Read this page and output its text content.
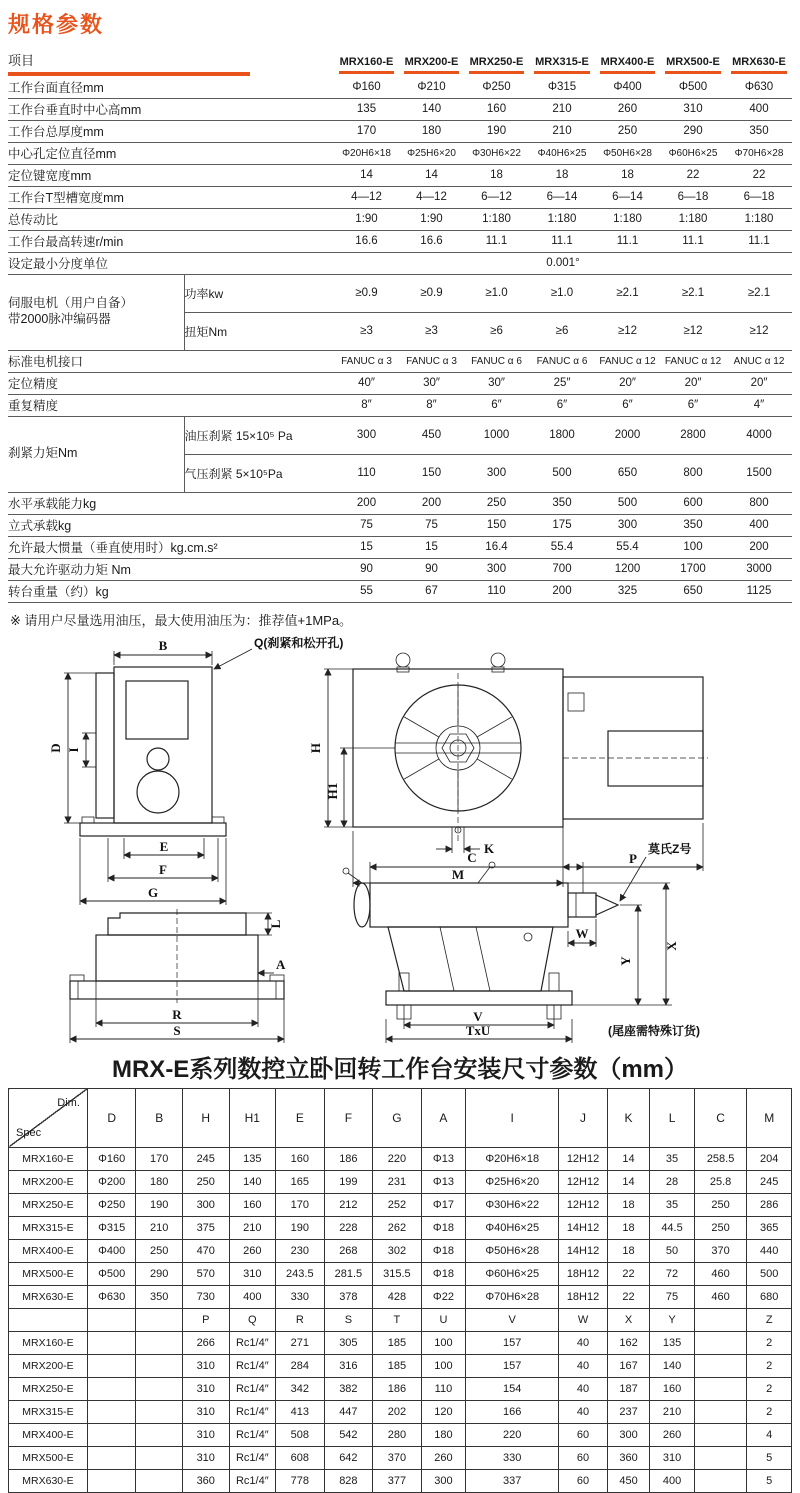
规格参数
项目		MRX160-E	MRX200-E	MRX250-E	MRX315-E	MRX400-E	MRX500-E	MRX630-E
工作台面直径mm		Φ160	Φ210	Φ250	Φ315	Φ400	Φ500	Φ630
工作台垂直时中心高mm		135	140	160	210	260	310	400
工作台总厚度mm		170	180	190	210	250	290	350
中心孔定位直径mm		Φ20H6×18	Φ25H6×20	Φ30H6×22	Φ40H6×25	Φ50H6×28	Φ60H6×25	Φ70H6×28
定位键宽度mm		14	14	18	18	18	22	22
工作台T型槽宽度mm		4—12	4—12	6—12	6—14	6—14	6—18	6—18
总传动比		1:90	1:90	1:180	1:180	1:180	1:180	1:180
工作台最高转速r/min		16.6	16.6	11.1	11.1	11.1	11.1	11.1
设定最小分度单位		0.001°						

伺服电机（用户自备）
带2000脉冲编码器	功率kw	≥0.9	≥0.9	≥1.0	≥1.0	≥2.1	≥2.1	≥2.1
	扭矩Nm	≥3	≥3	≥6	≥6	≥12	≥12	≥12
标准电机接口		FANUC α 3	FANUC α 3	FANUC α 6	FANUC α 6	FANUC α 12	FANUC α 12	ANUC α 12
定位精度		40″	30″	30″	25″	20″	20″	20″
重复精度		8″	8″	6″	6″	6″	6″	4″

刹紧力矩Nm	油压刹紧 15×10⁵ Pa	300	450	1000	1800	2000	2800	4000
	气压刹紧 5×10⁵Pa	110	150	300	500	650	800	1500
水平承载能力kg		200	200	250	350	500	600	800
立式承载kg		75	75	150	175	300	350	400
允许最大惯量（垂直使用时）kg.cm.s²		15	15	16.4	55.4	55.4	100	200
最大允许驱动力矩 Nm		90	90	300	700	1200	1700	3000
转台重量（约）kg		55	67	110	200	325	650	1125
※ 请用户尽量选用油压，最大使用油压为：推荐值+1MPa。
B	Q(刹紧和松开孔)
D I
E
F
G
H
H1
K
M
P
L
A
R
S
C
莫氏Z号
W
Y
X
V
TxU	(尾座需特殊订货)
MRX-E系列数控立卧回转工作台安装尺寸参数（mm）
Dim.
Spec	D	B	H	H1	E	F	G	A	I	J	K	L	C	M
MRX160-E	Φ160	170	245	135	160	186	220	Φ13	Φ20H6×18	12H12	14	35	258.5	204
MRX200-E	Φ200	180	250	140	165	199	231	Φ13	Φ25H6×20	12H12	14	28	25.8	245
MRX250-E	Φ250	190	300	160	170	212	252	Φ17	Φ30H6×22	12H12	18	35	250	286
MRX315-E	Φ315	210	375	210	190	228	262	Φ18	Φ40H6×25	14H12	18	44.5	250	365
MRX400-E	Φ400	250	470	260	230	268	302	Φ18	Φ50H6×28	14H12	18	50	370	440
MRX500-E	Φ500	290	570	310	243.5	281.5	315.5	Φ18	Φ60H6×25	18H12	22	72	460	500
MRX630-E	Φ630	350	730	400	330	378	428	Φ22	Φ70H6×28	18H12	22	75	460	680
			P	Q	R	S	T	U	V	W	X	Y		Z
MRX160-E			266	Rc1/4″	271	305	185	100	157	40	162	135		2
MRX200-E			310	Rc1/4″	284	316	185	100	157	40	167	140		2
MRX250-E			310	Rc1/4″	342	382	186	110	154	40	187	160		2
MRX315-E			310	Rc1/4″	413	447	202	120	166	40	237	210		2
MRX400-E			310	Rc1/4″	508	542	280	180	220	60	300	260		4
MRX500-E			310	Rc1/4″	608	642	370	260	330	60	360	310		5
MRX630-E			360	Rc1/4″	778	828	377	300	337	60	450	400		5
